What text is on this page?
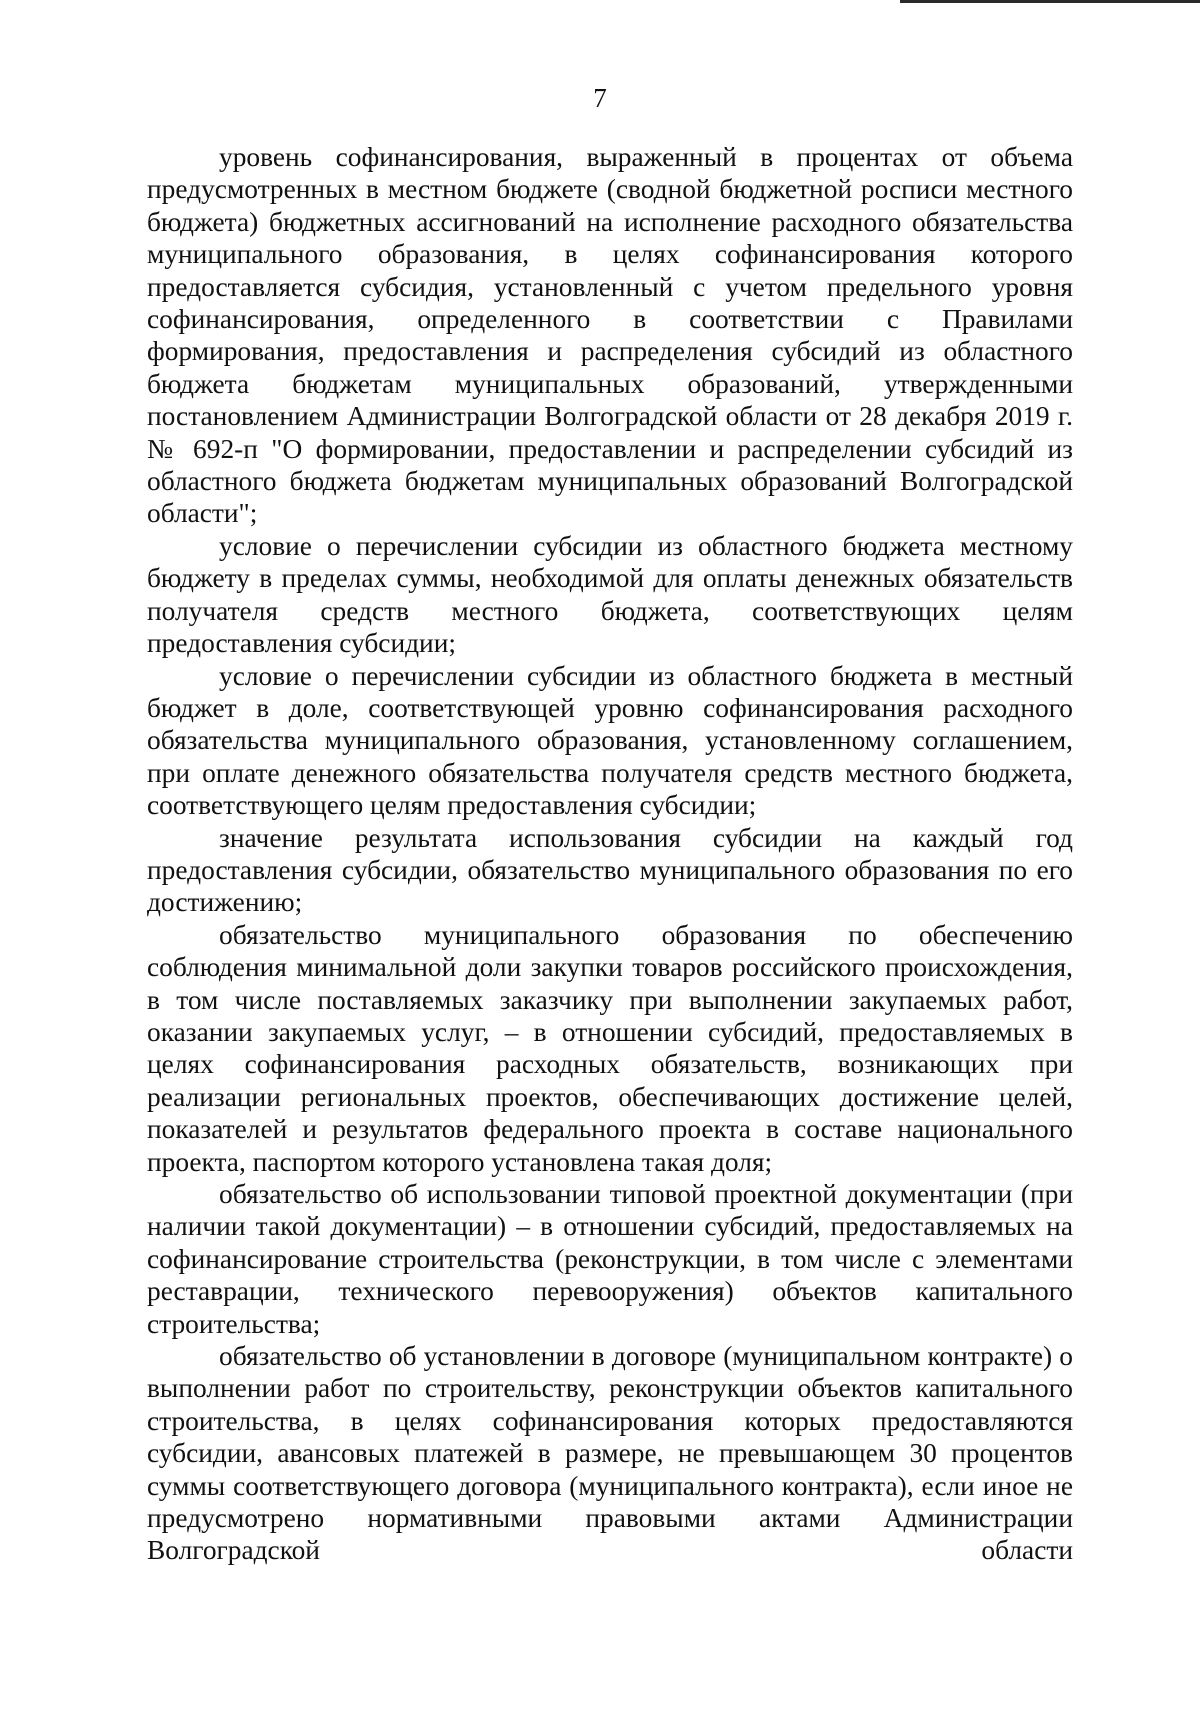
7

уровень софинансирования, выраженный в процентах от объема предусмотренных в местном бюджете (сводной бюджетной росписи местного бюджета) бюджетных ассигнований на исполнение расходного обязательства муниципального образования, в целях софинансирования которого предоставляется субсидия, установленный с учетом предельного уровня софинансирования, определенного в соответствии с Правилами формирования, предоставления и распределения субсидий из областного бюджета бюджетам муниципальных образований, утвержденными постановлением Администрации Волгоградской области от 28 декабря 2019 г. № 692-п "О формировании, предоставлении и распределении субсидий из областного бюджета бюджетам муниципальных образований Волгоградской области";

условие о перечислении субсидии из областного бюджета местному бюджету в пределах суммы, необходимой для оплаты денежных обязательств получателя средств местного бюджета, соответствующих целям предоставления субсидии;

условие о перечислении субсидии из областного бюджета в местный бюджет в доле, соответствующей уровню софинансирования расходного обязательства муниципального образования, установленному соглашением, при оплате денежного обязательства получателя средств местного бюджета, соответствующего целям предоставления субсидии;

значение результата использования субсидии на каждый год предоставления субсидии, обязательство муниципального образования по его достижению;

обязательство муниципального образования по обеспечению соблюдения минимальной доли закупки товаров российского происхождения, в том числе поставляемых заказчику при выполнении закупаемых работ, оказании закупаемых услуг, – в отношении субсидий, предоставляемых в целях софинансирования расходных обязательств, возникающих при реализации региональных проектов, обеспечивающих достижение целей, показателей и результатов федерального проекта в составе национального проекта, паспортом которого установлена такая доля;

обязательство об использовании типовой проектной документации (при наличии такой документации) – в отношении субсидий, предоставляемых на софинансирование строительства (реконструкции, в том числе с элементами реставрации, технического перевооружения) объектов капитального строительства;

обязательство об установлении в договоре (муниципальном контракте) о выполнении работ по строительству, реконструкции объектов капитального строительства, в целях софинансирования которых предоставляются субсидии, авансовых платежей в размере, не превышающем 30 процентов суммы соответствующего договора (муниципального контракта), если иное не предусмотрено нормативными правовыми актами Администрации Волгоградской области
